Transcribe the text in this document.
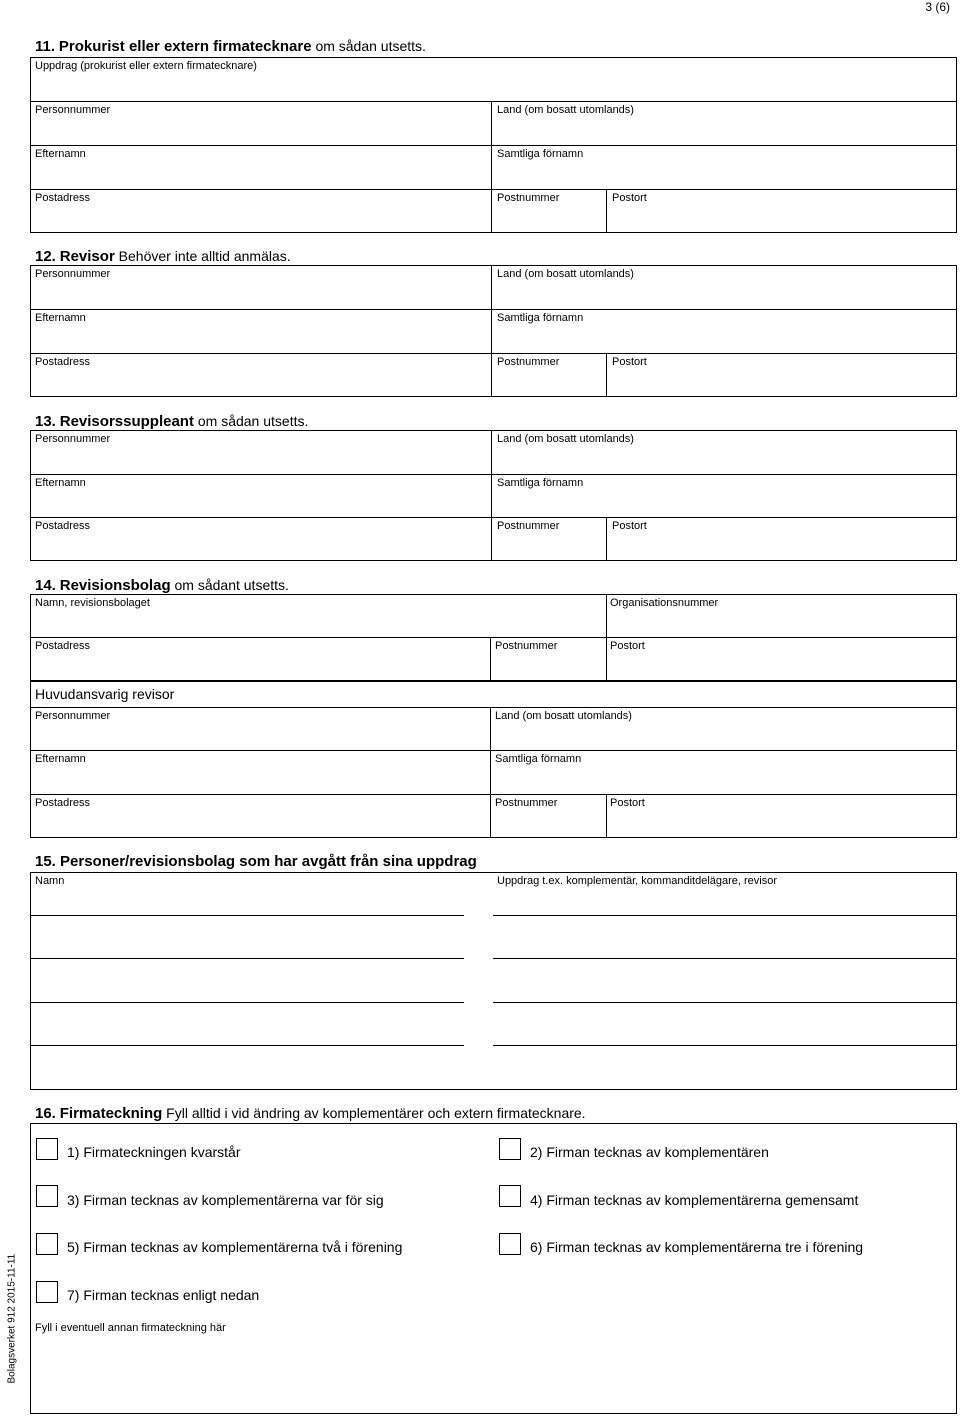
3 (6)
Bolagsverket 912 2015-11-11
11. Prokurist eller extern firmatecknare om sådan utsetts.
Uppdrag (prokurist eller extern firmatecknare)
Personnummer	Land (om bosatt utomlands)
Efternamn	Samtliga förnamn
Postadress	Postnummer	Postort
12. Revisor Behöver inte alltid anmälas.
Personnummer	Land (om bosatt utomlands)
Efternamn	Samtliga förnamn
Postadress	Postnummer	Postort
13. Revisorssuppleant om sådan utsetts.
Personnummer	Land (om bosatt utomlands)
Efternamn	Samtliga förnamn
Postadress	Postnummer	Postort
14. Revisionsbolag om sådant utsetts.
Namn, revisionsbolaget	Organisationsnummer
Postadress	Postnummer	Postort
Huvudansvarig revisor
Personnummer	Land (om bosatt utomlands)
Efternamn	Samtliga förnamn
Postadress	Postnummer	Postort
15. Personer/revisionsbolag som har avgått från sina uppdrag
Namn	Uppdrag t.ex. komplementär, kommanditdelägare, revisor
16. Firmateckning Fyll alltid i vid ändring av komplementärer och extern firmatecknare.
1) Firmateckningen kvarstår	2) Firman tecknas av komplementären
3) Firman tecknas av komplementärerna var för sig	4) Firman tecknas av komplementärerna gemensamt
5) Firman tecknas av komplementärerna två i förening	6) Firman tecknas av komplementärerna tre i förening
7) Firman tecknas enligt nedan
Fyll i eventuell annan firmateckning här
